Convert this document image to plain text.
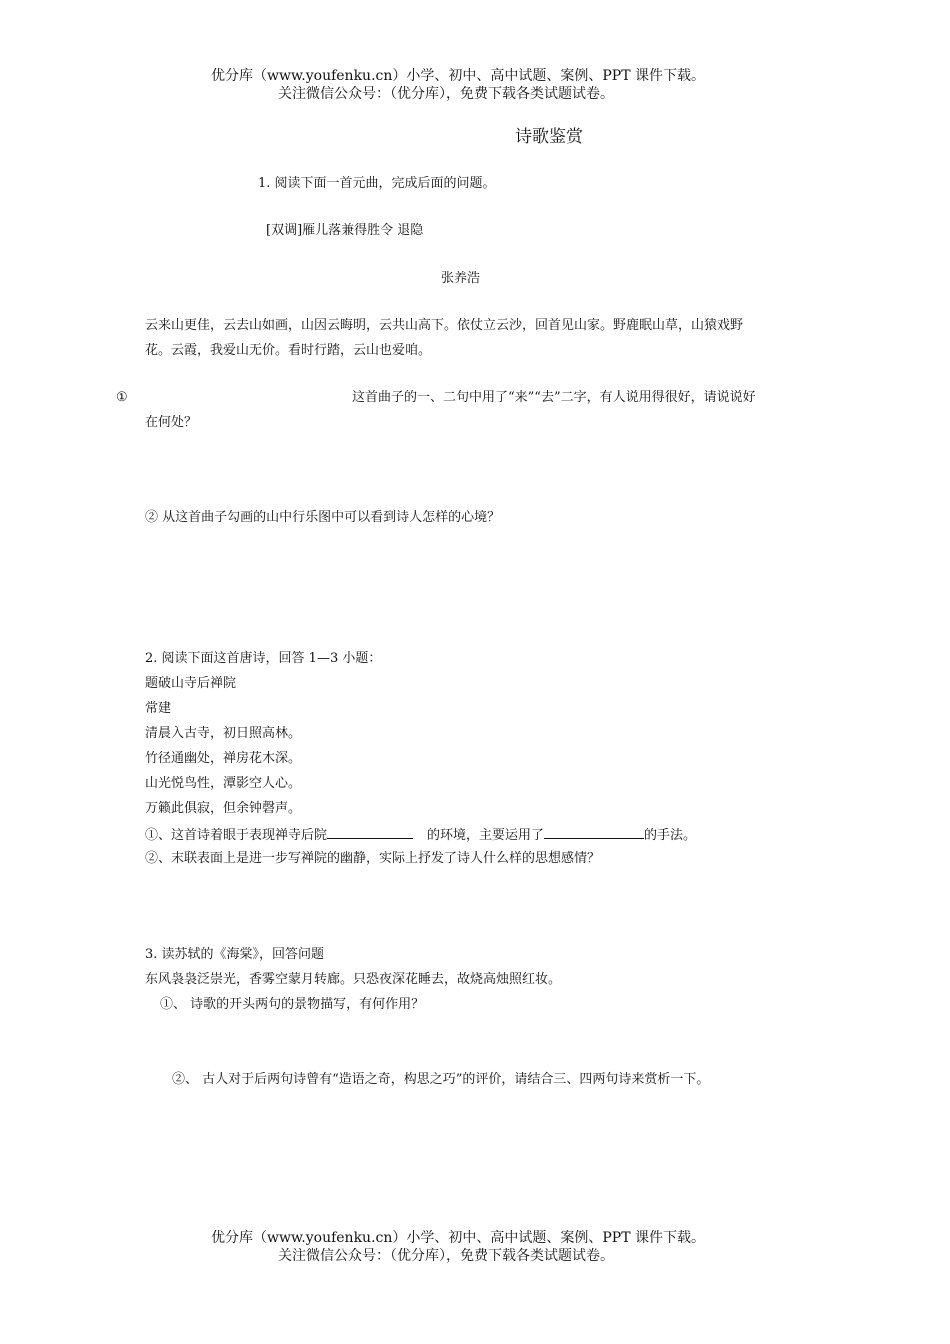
优分库（www.youfenku.cn）小学、初中、高中试题、案例、PPT 课件下载。
关注微信公众号：（优分库），免费下载各类试题试卷。
诗歌鉴赏
1. 阅读下面一首元曲，完成后面的问题。
[双调]雁儿落兼得胜令 退隐
张养浩
云来山更佳，云去山如画，山因云晦明，云共山高下。依仗立云沙，回首见山家。野鹿眠山草，山猿戏野
花。云霞，我爱山无价。看时行踏，云山也爱咱。
①	这首曲子的一、二句中用了“来”“去”二字，有人说用得很好，请说说好
在何处？
② 从这首曲子勾画的山中行乐图中可以看到诗人怎样的心境？
2. 阅读下面这首唐诗，回答 1—3 小题：
题破山寺后禅院
常建
清晨入古寺，初日照高林。
竹径通幽处，禅房花木深。
山光悦鸟性，潭影空人心。
万籁此俱寂，但余钟磬声。
①、这首诗着眼于表现禅寺后院	的环境，主要运用了	的手法。
②、末联表面上是进一步写禅院的幽静，实际上抒发了诗人什么样的思想感情？
3. 读苏轼的《海棠》，回答问题
东风袅袅泛崇光，香雾空蒙月转廊。只恐夜深花睡去，故烧高烛照红妆。
①、 诗歌的开头两句的景物描写，有何作用？
②、 古人对于后两句诗曾有“造语之奇，构思之巧”的评价，请结合三、四两句诗来赏析一下。
优分库（www.youfenku.cn）小学、初中、高中试题、案例、PPT 课件下载。
关注微信公众号：（优分库），免费下载各类试题试卷。
